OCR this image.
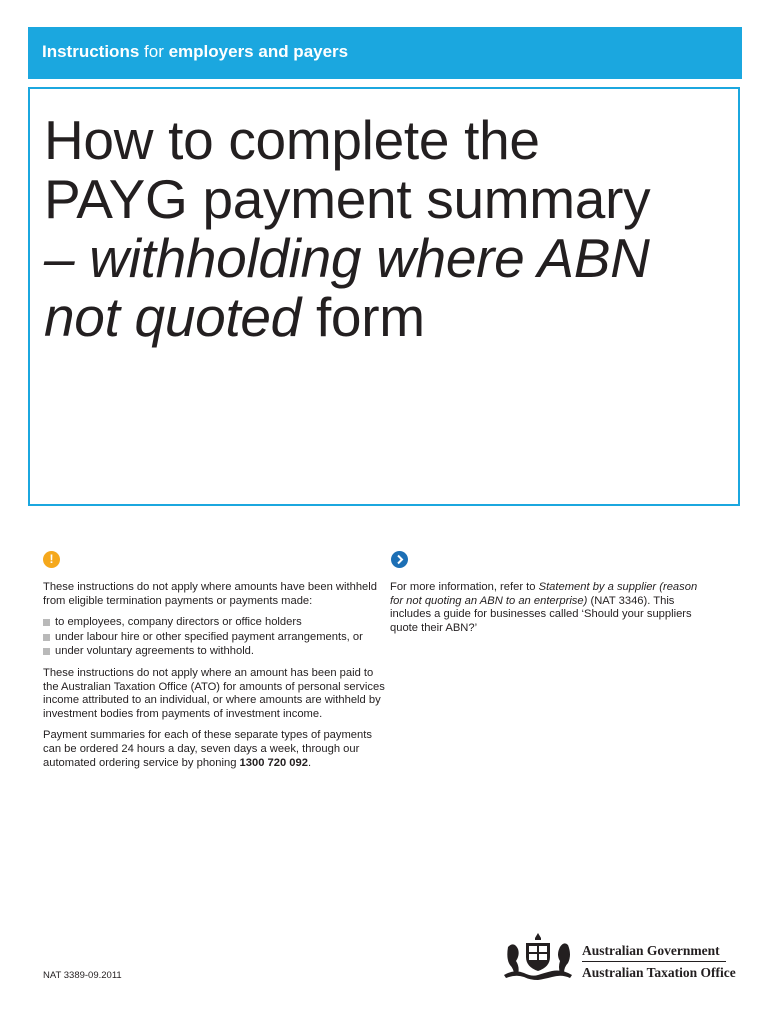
Instructions for employers and payers
How to complete the
PAYG payment summary
– withholding where ABN
not quoted form
!

These instructions do not apply where amounts have been withheld from eligible termination payments or payments made:

to employees, company directors or office holders
under labour hire or other specified payment arrangements, or
under voluntary agreements to withhold.

These instructions do not apply where an amount has been paid to the Australian Taxation Office (ATO) for amounts of personal services income attributed to an individual, or where amounts are withheld by investment bodies from payments of investment income.

Payment summaries for each of these separate types of payments can be ordered 24 hours a day, seven days a week, through our automated ordering service by phoning 1300 720 092.

For more information, refer to Statement by a supplier (reason for not quoting an ABN to an enterprise) (NAT 3346). This includes a guide for businesses called ‘Should your suppliers quote their ABN?’

NAT 3389-09.2011
Australian Government
Australian Taxation Office
